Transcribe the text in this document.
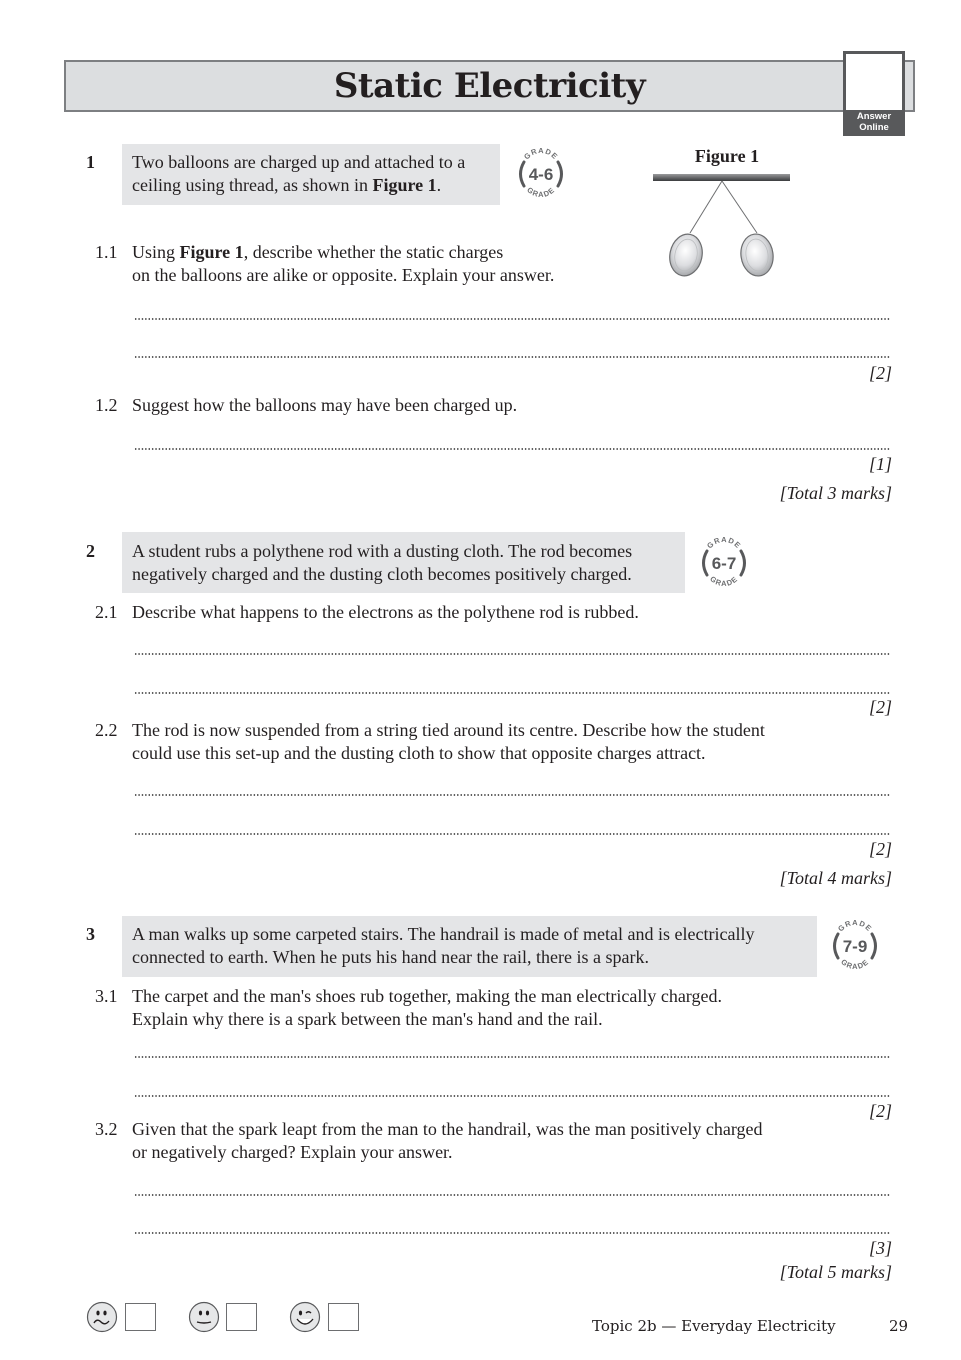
Static Electricity
Answer
Online
1 Two balloons are charged up and attached to a
ceiling using thread, as shown in Figure 1.
GRADE
GRADE
4-6
Figure 1
1.1 Using Figure 1, describe whether the static charges
on the balloons are alike or opposite. Explain your answer.
[2]
1.2 Suggest how the balloons may have been charged up.
[1]
[Total 3 marks]
2 A student rubs a polythene rod with a dusting cloth. The rod becomes
negatively charged and the dusting cloth becomes positively charged.
GRADE
GRADE
6-7
2.1 Describe what happens to the electrons as the polythene rod is rubbed.
[2]
2.2 The rod is now suspended from a string tied around its centre. Describe how the student
could use this set-up and the dusting cloth to show that opposite charges attract.
[2]
[Total 4 marks]
3 A man walks up some carpeted stairs. The handrail is made of metal and is electrically
connected to earth. When he puts his hand near the rail, there is a spark.
GRADE
GRADE
7-9
3.1 The carpet and the man's shoes rub together, making the man electrically charged.
Explain why there is a spark between the man's hand and the rail.
[2]
3.2 Given that the spark leapt from the man to the handrail, was the man positively charged
or negatively charged? Explain your answer.
[3]
[Total 5 marks]
Topic 2b — Everyday Electricity	29
